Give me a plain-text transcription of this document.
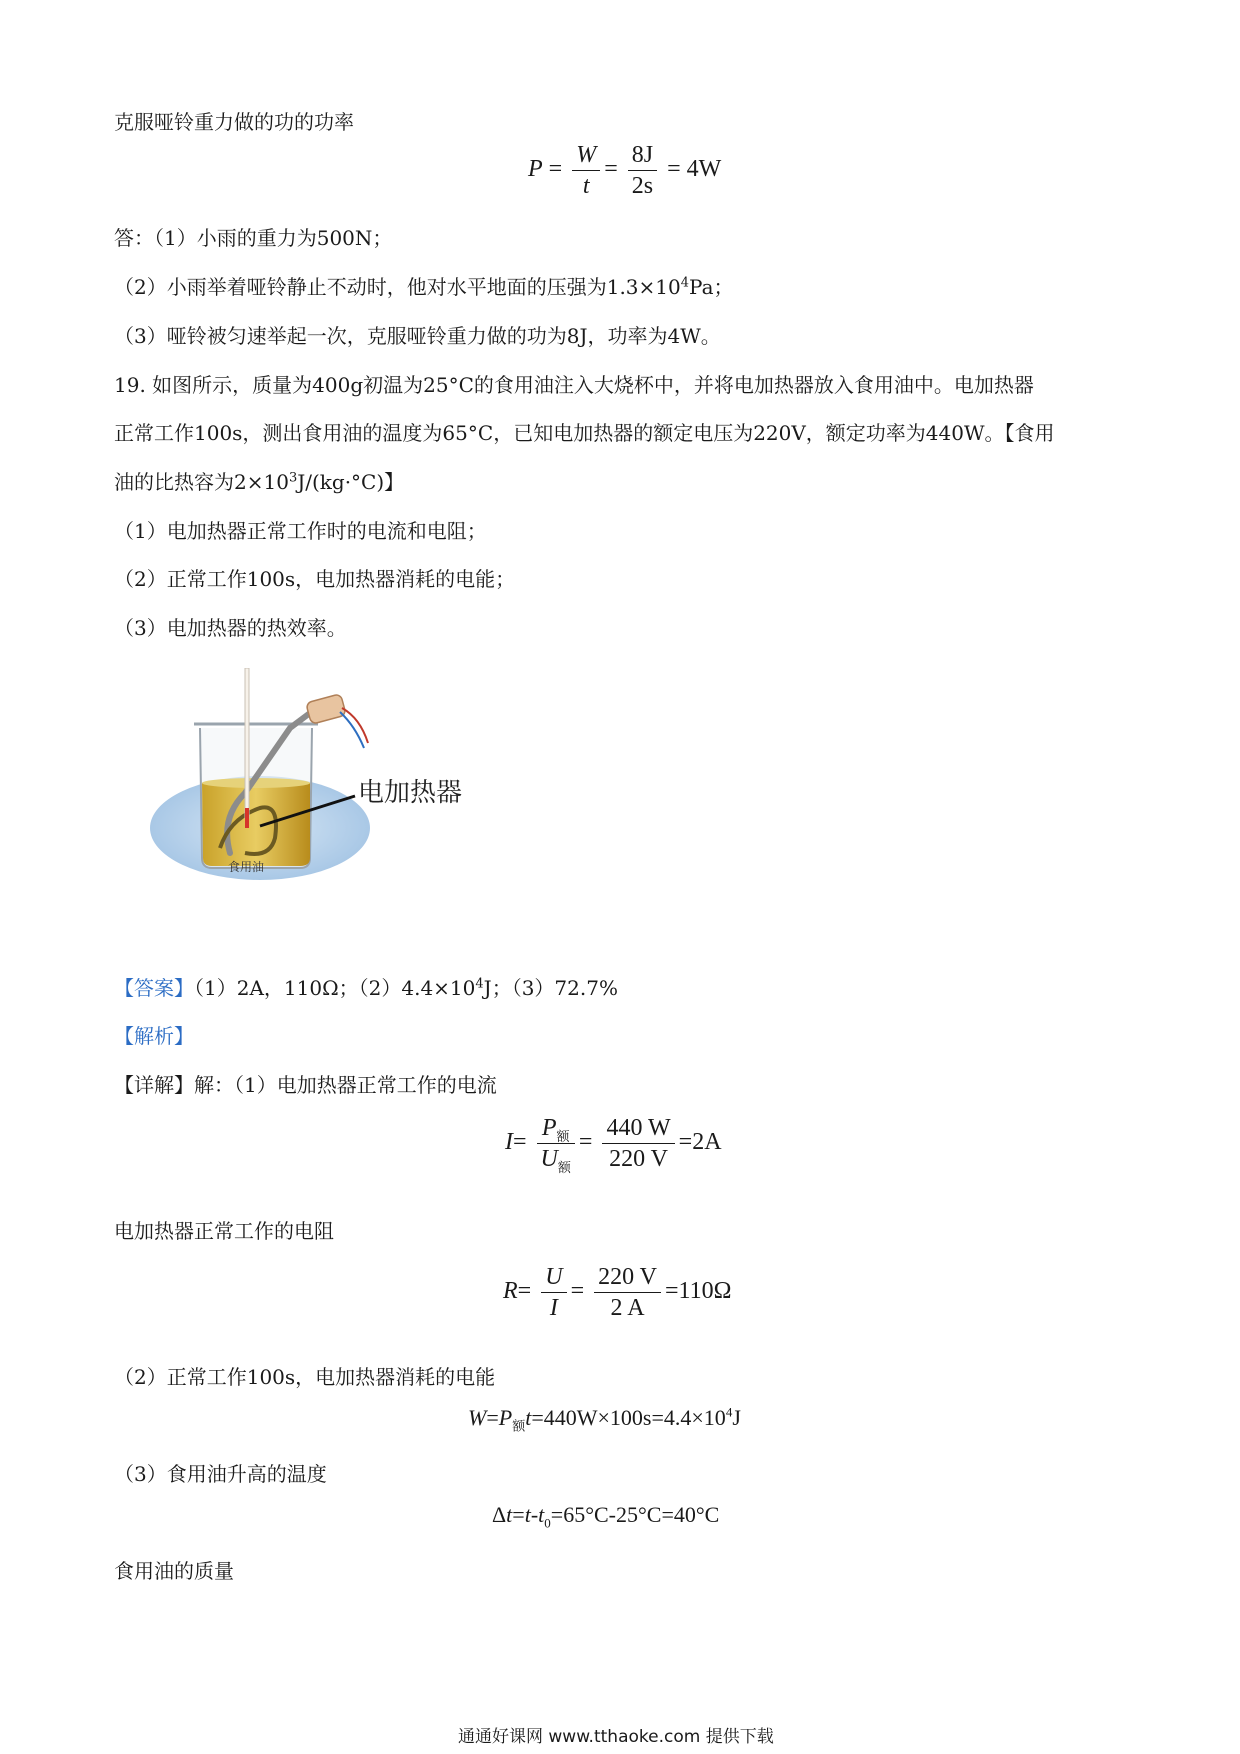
克服哑铃重力做的功的功率
$P = \frac{W}{t} = \frac{8J}{2s} = 4W$
答：（1）小雨的重力为500N；
（2）小雨举着哑铃静止不动时，他对水平地面的压强为$1.3\times 10^4Pa$；
（3）哑铃被匀速举起一次，克服哑铃重力做的功为8J，功率为4W。
19. 如图所示，质量为400g初温为25°C的食用油注入大烧杯中，并将电加热器放入食用油中。电加热器
正常工作100s，测出食用油的温度为65°C，已知电加热器的额定电压为220V，额定功率为440W。【食用
油的比热容为$2\times 10^3J/(kg\cdot^\circ C)$】
（1）电加热器正常工作时的电流和电阻；
（2）正常工作100s，电加热器消耗的电能；
（3）电加热器的热效率。
电加热器
食用油
【答案】（1）2A，110Ω；$(2)4.4\times 10^4J$；（3）72.7%
【解析】
【详解】解：（1）电加热器正常工作的电流
$I= \frac{P_额}{U_额} = \frac{440 W}{220 V} =2A$
电加热器正常工作的电阻
$R= \frac{U}{I} = \frac{220 V}{2 A} =110\Omega$
（2）正常工作100s，电加热器消耗的电能
$W=P_额t=440W\times 100s=4.4\times 10^4J$
（3）食用油升高的温度
$\Delta t=t-t_0=65^\circ C-25^\circ C=40^\circ C$
食用油的质量
通通好课网 www.tthaoke.com 提供下载
